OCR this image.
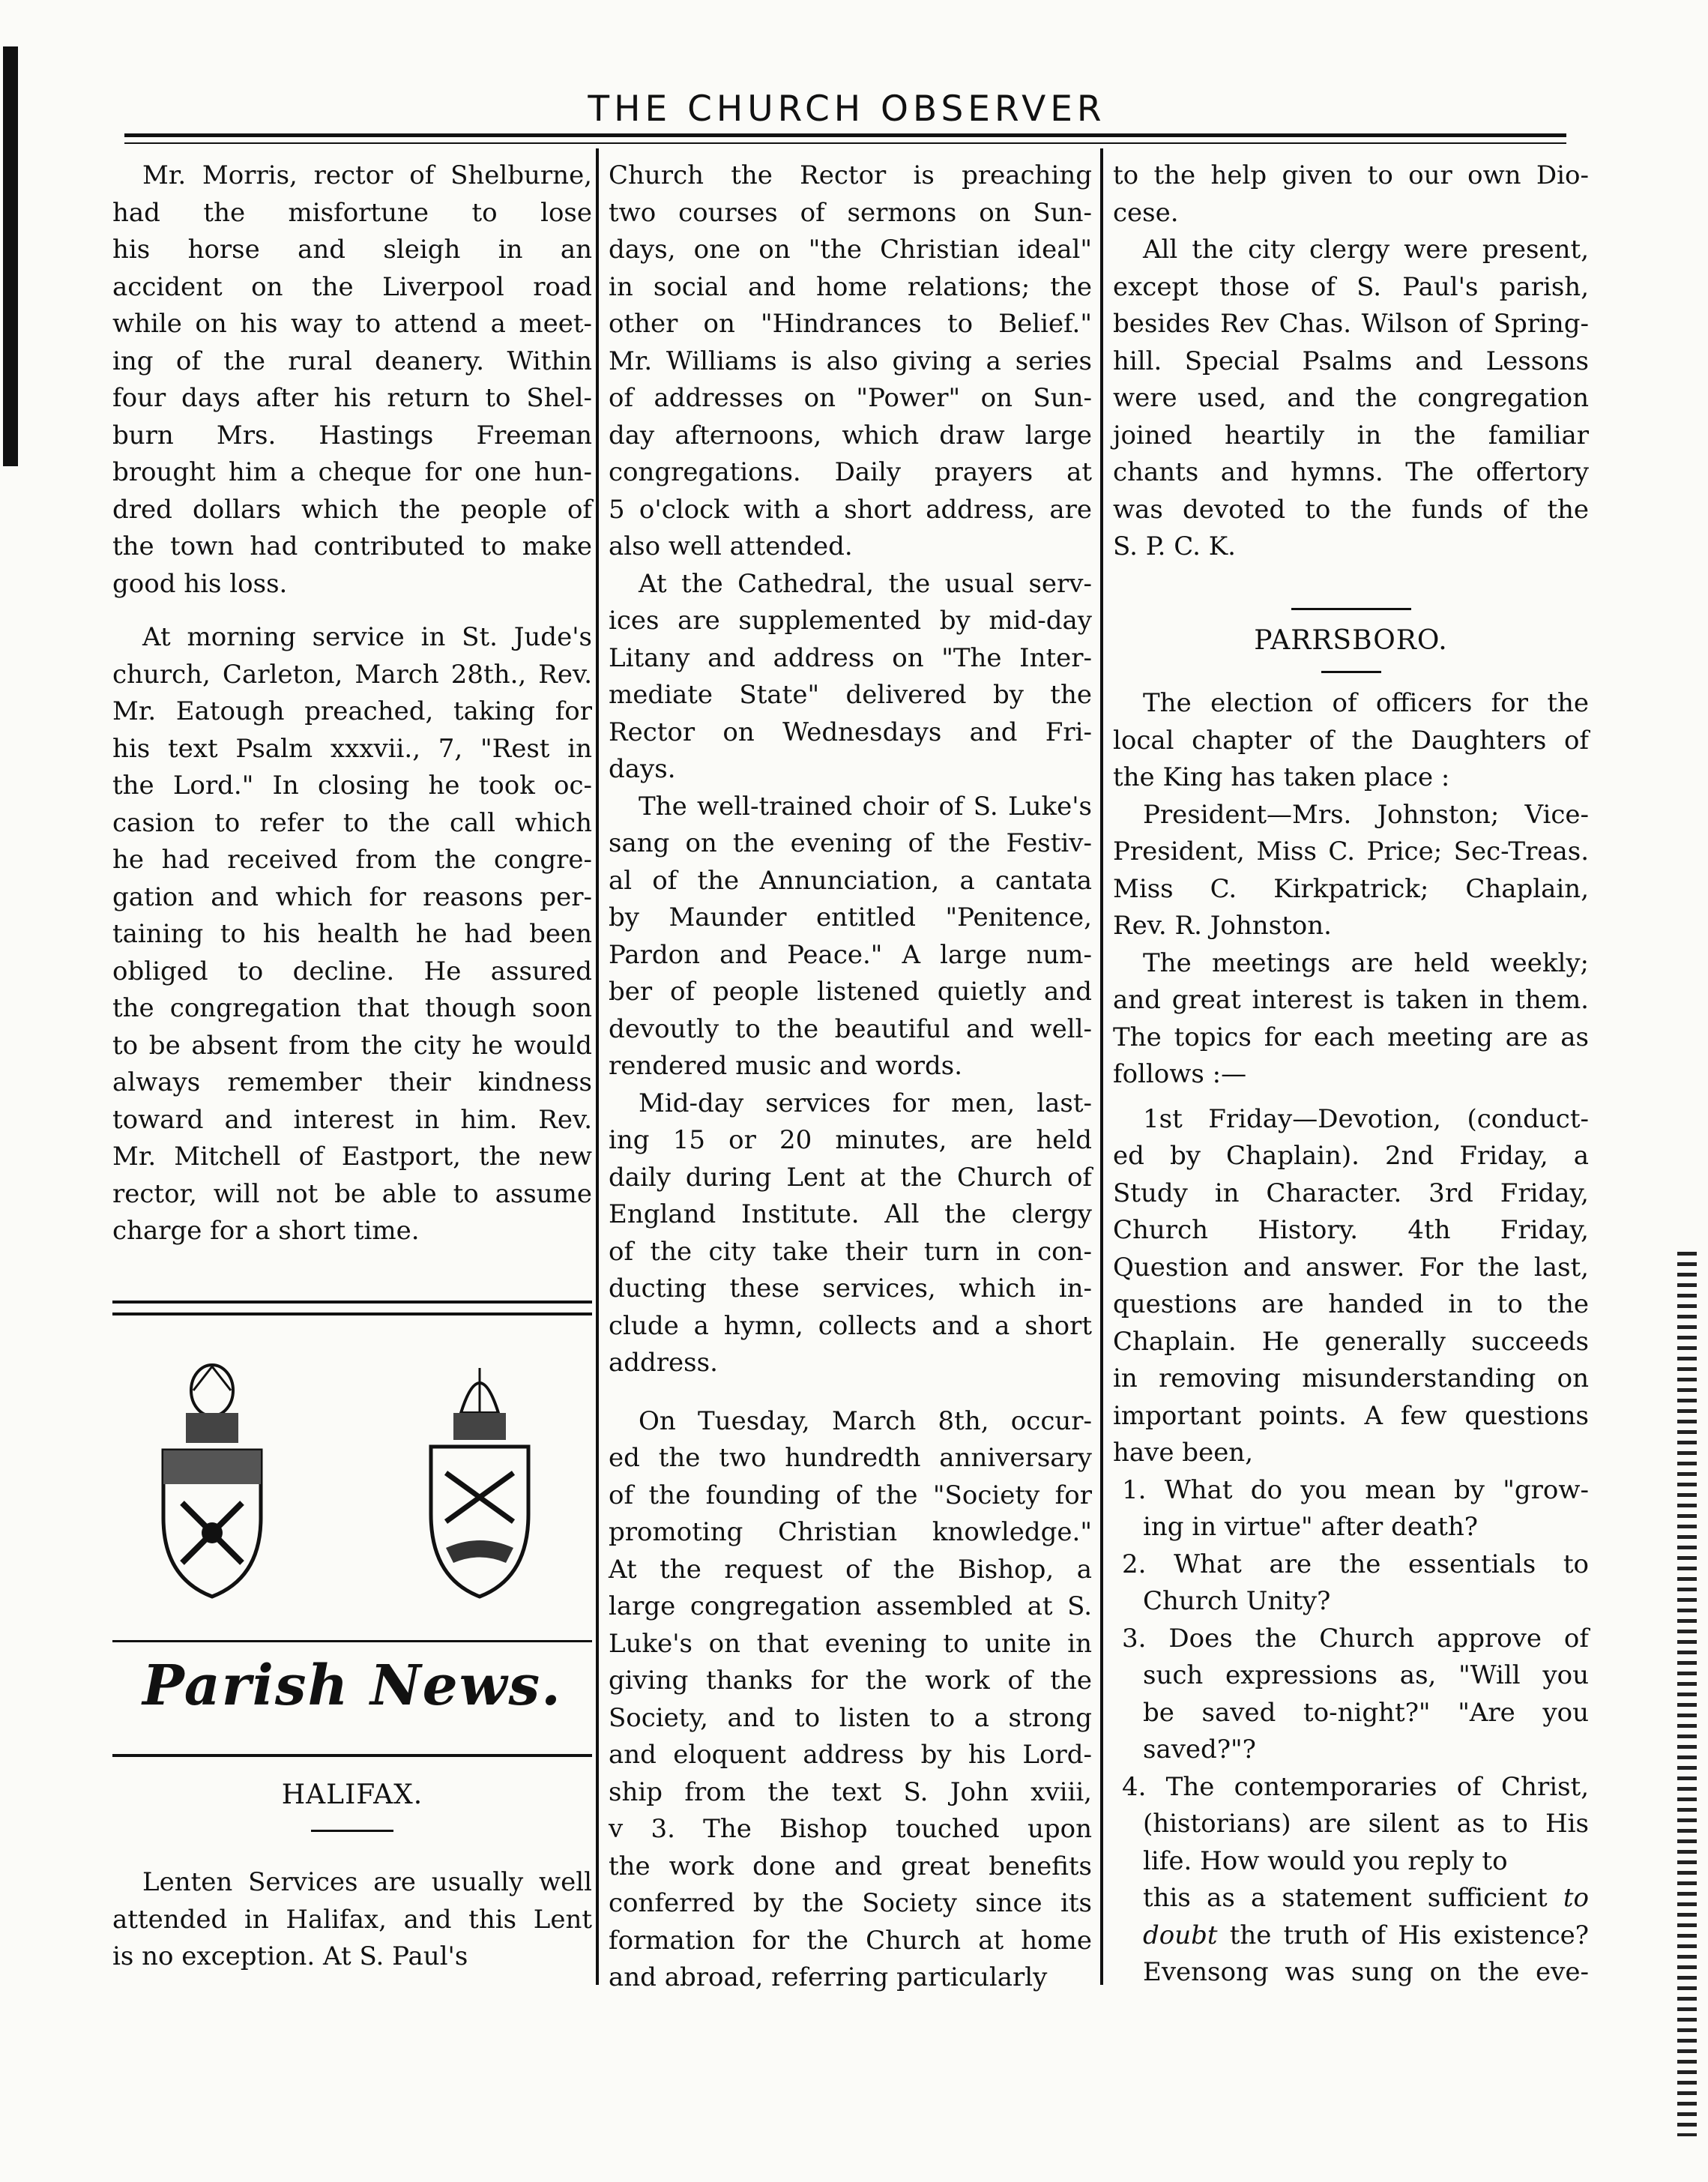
THE CHURCH OBSERVER

Mr. Morris, rector of Shelburne,
had the misfortune to lose
his horse and sleigh in an
accident on the Liverpool road
while on his way to attend a meet-
ing of the rural deanery. Within
four days after his return to Shel-
burn Mrs. Hastings Freeman
brought him a cheque for one hun-
dred dollars which the people of
the town had contributed to make
good his loss.

At morning service in St. Jude's
church, Carleton, March 28th., Rev.
Mr. Eatough preached, taking for
his text Psalm xxxvii., 7, "Rest in
the Lord." In closing he took oc-
casion to refer to the call which
he had received from the congre-
gation and which for reasons per-
taining to his health he had been
obliged to decline. He assured
the congregation that though soon
to be absent from the city he would
always remember their kindness
toward and interest in him. Rev.
Mr. Mitchell of Eastport, the new
rector, will not be able to assume
charge for a short time.

Parish News.
HALIFAX.

Lenten Services are usually well
attended in Halifax, and this Lent
is no exception. At S. Paul's

Church the Rector is preaching
two courses of sermons on Sun-
days, one on "the Christian ideal"
in social and home relations; the
other on "Hindrances to Belief."
Mr. Williams is also giving a series
of addresses on "Power" on Sun-
day afternoons, which draw large
congregations. Daily prayers at
5 o'clock with a short address, are
also well attended.

At the Cathedral, the usual serv-
ices are supplemented by mid-day
Litany and address on "The Inter-
mediate State" delivered by the
Rector on Wednesdays and Fri-
days.

The well-trained choir of S. Luke's
sang on the evening of the Festiv-
al of the Annunciation, a cantata
by Maunder entitled "Penitence,
Pardon and Peace." A large num-
ber of people listened quietly and
devoutly to the beautiful and well-
rendered music and words.

Mid-day services for men, last-
ing 15 or 20 minutes, are held
daily during Lent at the Church of
England Institute. All the clergy
of the city take their turn in con-
ducting these services, which in-
clude a hymn, collects and a short
address.

On Tuesday, March 8th, occur-
ed the two hundredth anniversary
of the founding of the "Society for
promoting Christian knowledge."
At the request of the Bishop, a
large congregation assembled at S.
Luke's on that evening to unite in
giving thanks for the work of the
Society, and to listen to a strong
and eloquent address by his Lord-
ship from the text S. John xviii,
v 3. The Bishop touched upon
the work done and great benefits
conferred by the Society since its
formation for the Church at home
and abroad, referring particularly

to the help given to our own Dio-
cese.

All the city clergy were present,
except those of S. Paul's parish,
besides Rev Chas. Wilson of Spring-
hill. Special Psalms and Lessons
were used, and the congregation
joined heartily in the familiar
chants and hymns. The offertory
was devoted to the funds of the
S. P. C. K.

PARRSBORO.

The election of officers for the
local chapter of the Daughters of
the King has taken place :

President—Mrs. Johnston; Vice-
President, Miss C. Price; Sec-Treas.
Miss C. Kirkpatrick; Chaplain,
Rev. R. Johnston.

The meetings are held weekly;
and great interest is taken in them.
The topics for each meeting are as
follows :—

1st Friday—Devotion, (conduct-
ed by Chaplain). 2nd Friday, a
Study in Character. 3rd Friday,
Church History. 4th Friday,
Question and answer. For the last,
questions are handed in to the
Chaplain. He generally succeeds
in removing misunderstanding on
important points. A few questions
have been,

1. What do you mean by "grow-
ing in virtue" after death?

2. What are the essentials to
Church Unity?

3. Does the Church approve of
such expressions as, "Will you
be saved to-night?" "Are you
saved?"?

4. The contemporaries of Christ,
(historians) are silent as to His
life. How would you reply to

this as a statement sufficient to
doubt the truth of His existence?
Evensong was sung on the eve-
